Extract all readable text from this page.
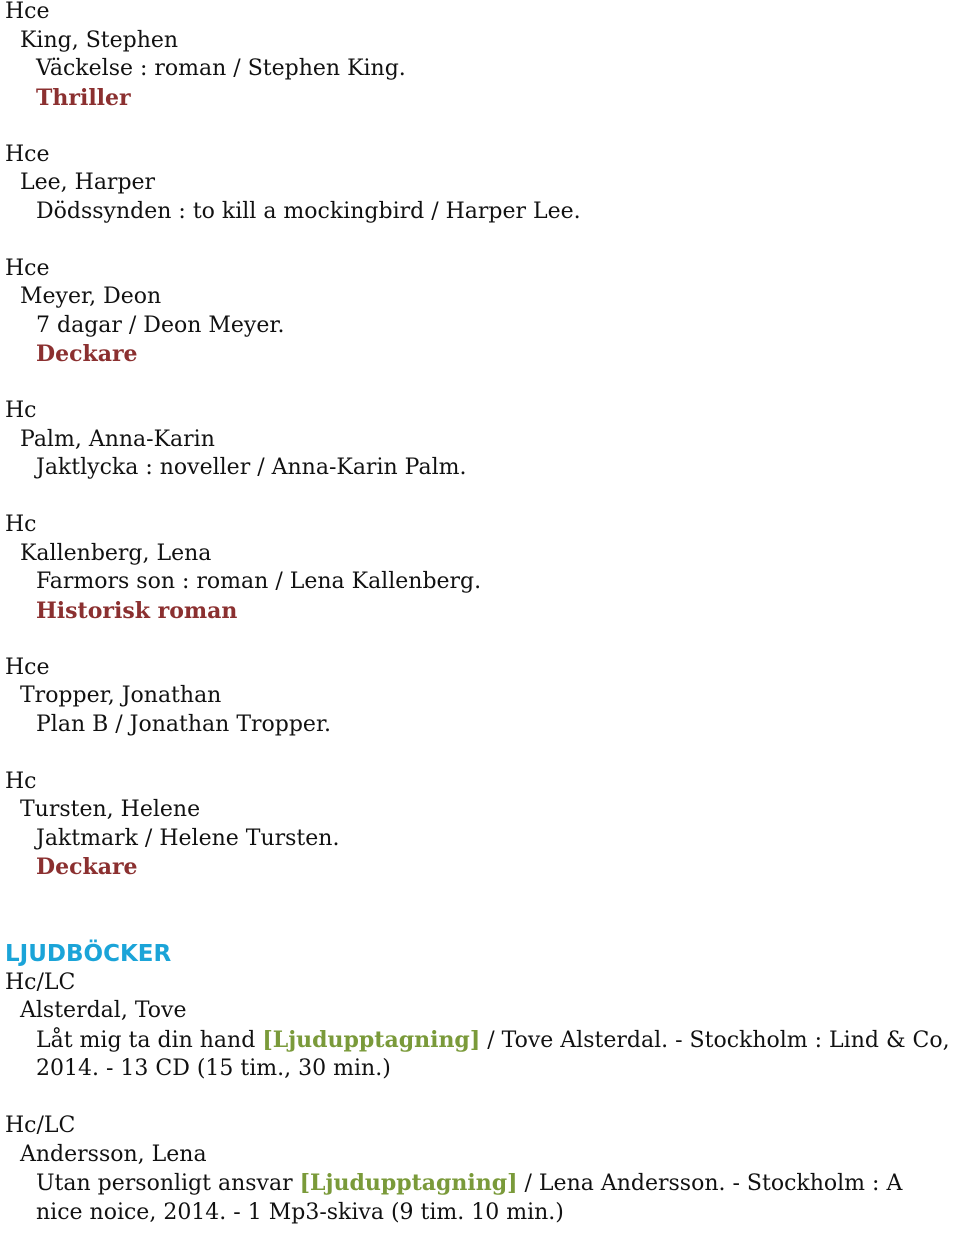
Hce
King, Stephen
Väckelse : roman / Stephen King.
Thriller
Hce
Lee, Harper
Dödssynden : to kill a mockingbird / Harper Lee.
Hce
Meyer, Deon
7 dagar / Deon Meyer.
Deckare
Hc
Palm, Anna-Karin
Jaktlycka : noveller / Anna-Karin Palm.
Hc
Kallenberg, Lena
Farmors son : roman / Lena Kallenberg.
Historisk roman
Hce
Tropper, Jonathan
Plan B / Jonathan Tropper.
Hc
Tursten, Helene
Jaktmark / Helene Tursten.
Deckare
LJUDBÖCKER
Hc/LC
Alsterdal, Tove
Låt mig ta din hand [Ljudupptagning] / Tove Alsterdal. - Stockholm : Lind & Co, 2014. - 13 CD (15 tim., 30 min.)
Hc/LC
Andersson, Lena
Utan personligt ansvar [Ljudupptagning] / Lena Andersson. - Stockholm : A nice noice, 2014. - 1 Mp3-skiva (9 tim. 10 min.)
